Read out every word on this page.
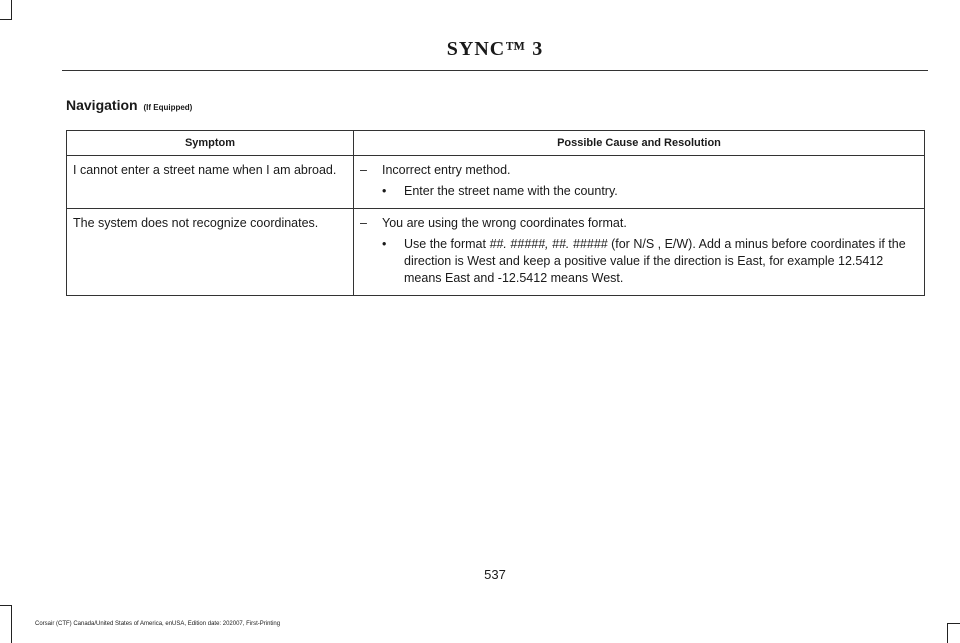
SYNC™ 3
Navigation (If Equipped)
Symptom	Possible Cause and Resolution
I cannot enter a street name when I am abroad.	– Incorrect entry method.
• Enter the street name with the country.

The system does not recognize coordinates.	– You are using the wrong coordinates format.
• Use the format ##. #####, ##. ##### (for N/S , E/W). Add a minus before coordinates if the direction is West and keep a positive value if the direction is East, for example 12.5412 means East and -12.5412 means West.
537
Corsair (CTF) Canada/United States of America, enUSA, Edition date: 202007, First-Printing
